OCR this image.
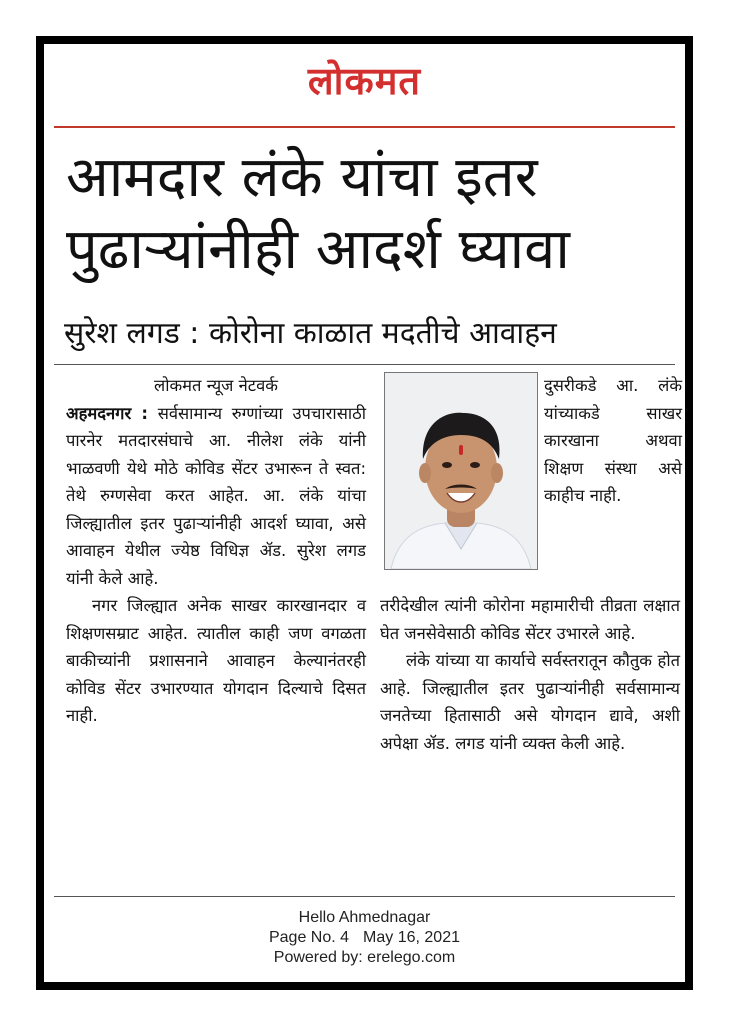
लोकमत
आमदार लंके यांचा इतर पुढाऱ्यांनीही आदर्श घ्यावा
सुरेश लगड : कोरोना काळात मदतीचे आवाहन

लोकमत न्यूज नेटवर्क

अहमदनगर : सर्वसामान्य रुग्णांच्या उपचारासाठी पारनेर मतदारसंघाचे आ. नीलेश लंके यांनी भाळवणी येथे मोठे कोविड सेंटर उभारून ते स्वत: तेथे रुग्णसेवा करत आहेत. आ. लंके यांचा जिल्ह्यातील इतर पुढाऱ्यांनीही आदर्श घ्यावा, असे आवाहन येथील ज्येष्ठ विधिज्ञ ॲड. सुरेश लगड यांनी केले आहे.

नगर जिल्ह्यात अनेक साखर कारखानदार व शिक्षणसम्राट आहेत. त्यातील काही जण वगळता बाकीच्यांनी प्रशासनाने आवाहन केल्यानंतरही कोविड सेंटर उभारण्यात योगदान दिल्याचे दिसत नाही.

दुसरीकडे आ. लंके यांच्याकडे साखर कारखाना अथवा शिक्षण संस्था असे काहीच नाही.

तरीदेखील त्यांनी कोरोना महामारीची तीव्रता लक्षात घेत जनसेवेसाठी कोविड सेंटर उभारले आहे.

लंके यांच्या या कार्याचे सर्वस्तरातून कौतुक होत आहे. जिल्ह्यातील इतर पुढाऱ्यांनीही सर्वसामान्य जनतेच्या हितासाठी असे योगदान द्यावे, अशी अपेक्षा ॲड. लगड यांनी व्यक्त केली आहे.

Hello Ahmednagar
Page No. 4 May 16, 2021
Powered by: erelego.com
